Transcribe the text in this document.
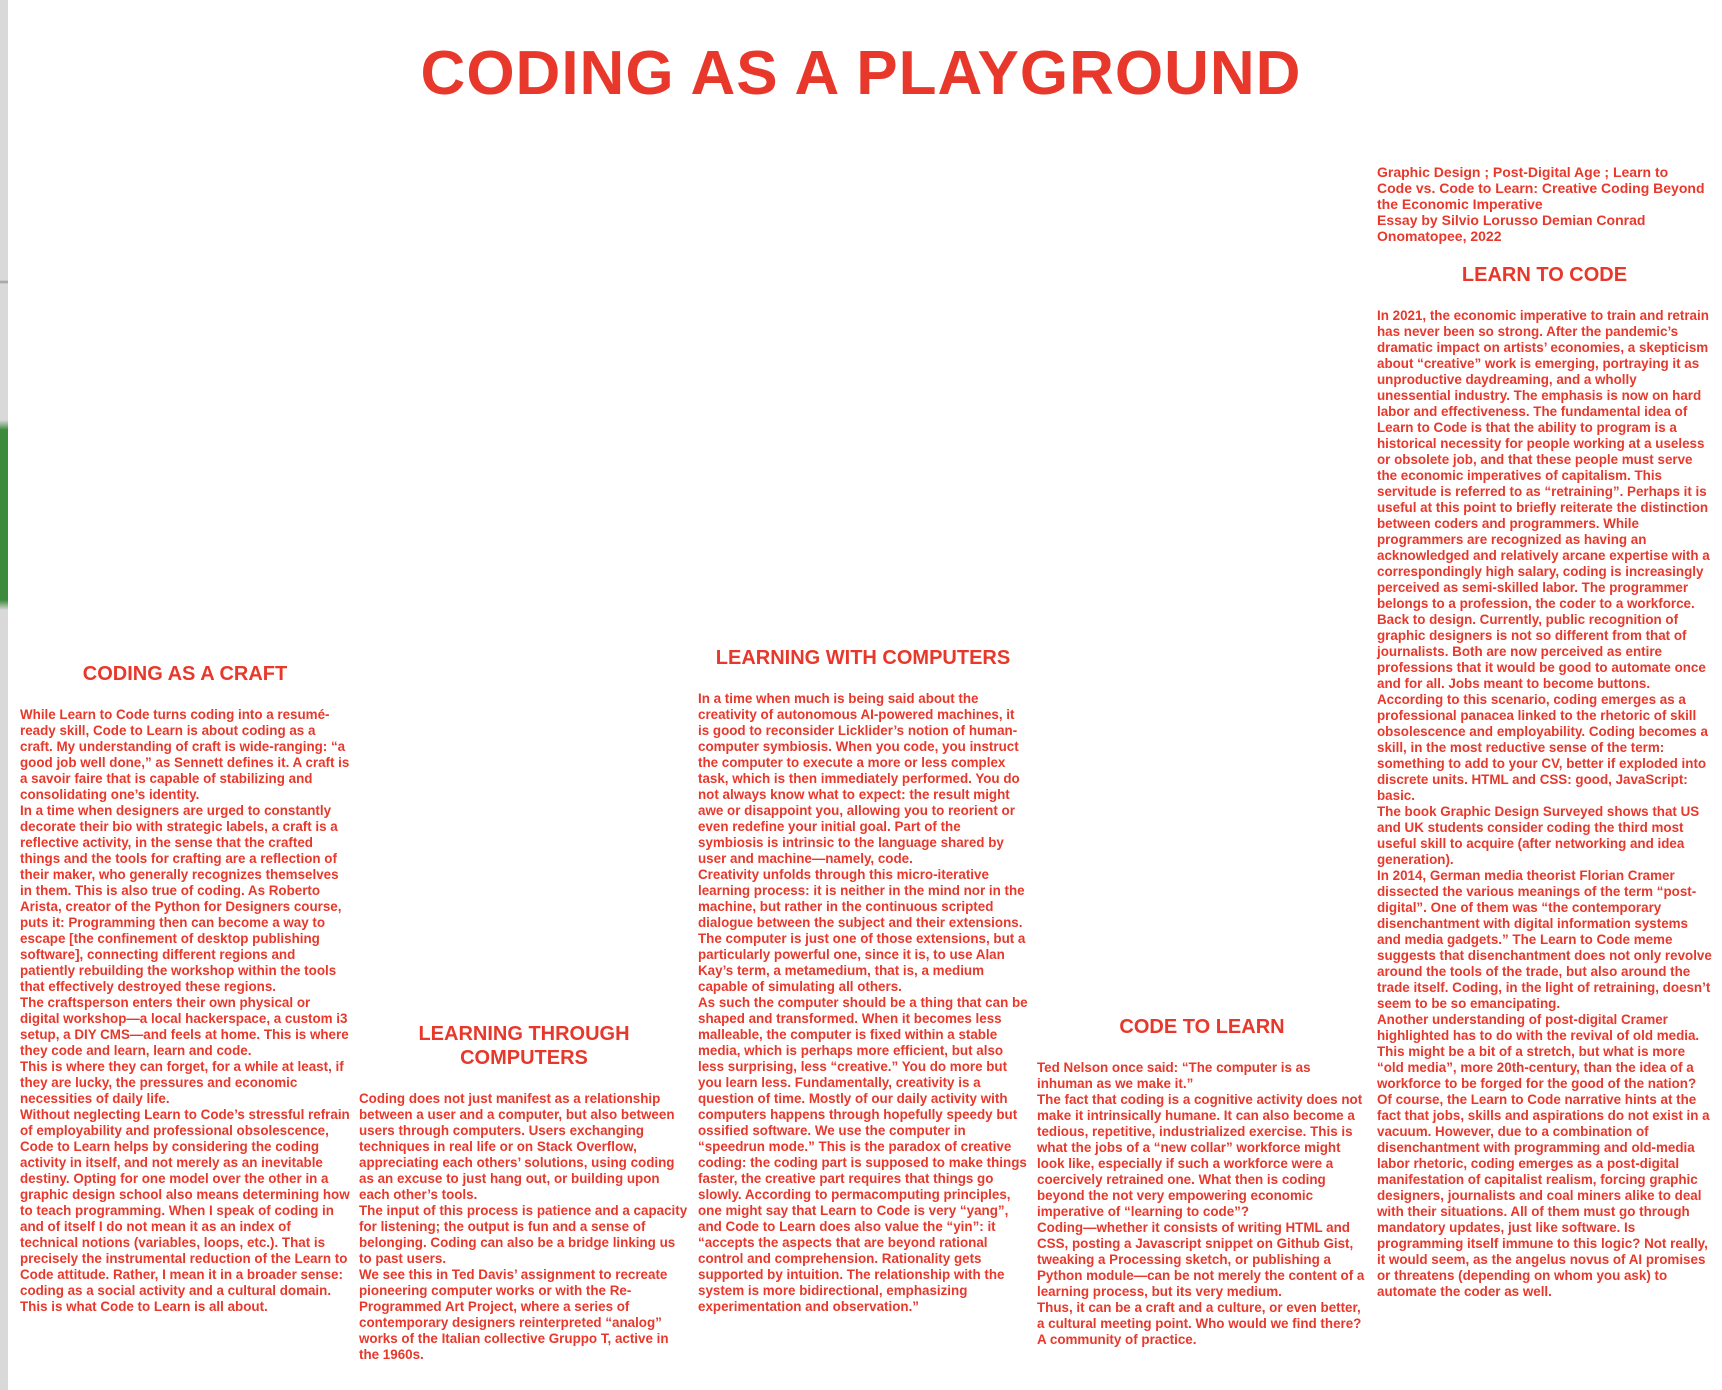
CODING AS A PLAYGROUND
Graphic Design ; Post-Digital Age ; Learn to
Code vs. Code to Learn: Creative Coding Beyond
the Economic Imperative
Essay by Silvio Lorusso Demian Conrad
Onomatopee, 2022
CODING AS A CRAFT

While Learn to Code turns coding into a resumé-ready skill, Code to Learn is about coding as a craft. My understanding of craft is wide-ranging: “a good job well done,” as Sennett defines it. A craft is a savoir faire that is capable of stabilizing and consolidating one’s identity.

In a time when designers are urged to constantly decorate their bio with strategic labels, a craft is a reflective activity, in the sense that the crafted things and the tools for crafting are a reflection of their maker, who generally recognizes themselves in them. This is also true of coding. As Roberto Arista, creator of the Python for Designers course, puts it: Programming then can become a way to escape [the confinement of desktop publishing software], connecting different regions and patiently rebuilding the workshop within the tools that effectively destroyed these regions.

The craftsperson enters their own physical or digital workshop—a local hackerspace, a custom i3 setup, a DIY CMS—and feels at home. This is where they code and learn, learn and code.

This is where they can forget, for a while at least, if they are lucky, the pressures and economic necessities of daily life.

Without neglecting Learn to Code’s stressful refrain of employability and professional obsolescence, Code to Learn helps by considering the coding activity in itself, and not merely as an inevitable destiny. Opting for one model over the other in a graphic design school also means determining how to teach programming. When I speak of coding in and of itself I do not mean it as an index of technical notions (variables, loops, etc.). That is precisely the instrumental reduction of the Learn to Code attitude. Rather, I mean it in a broader sense: coding as a social activity and a cultural domain. This is what Code to Learn is all about.

LEARNING THROUGH COMPUTERS

Coding does not just manifest as a relationship between a user and a computer, but also between users through computers. Users exchanging techniques in real life or on Stack Overflow, appreciating each others’ solutions, using coding as an excuse to just hang out, or building upon each other’s tools.

The input of this process is patience and a capacity for listening; the output is fun and a sense of belonging. Coding can also be a bridge linking us to past users.

We see this in Ted Davis’ assignment to recreate pioneering computer works or with the Re-Programmed Art Project, where a series of contemporary designers reinterpreted “analog” works of the Italian collective Gruppo T, active in the 1960s.

LEARNING WITH COMPUTERS

In a time when much is being said about the creativity of autonomous AI-powered machines, it is good to reconsider Licklider’s notion of human-computer symbiosis. When you code, you instruct the computer to execute a more or less complex task, which is then immediately performed. You do not always know what to expect: the result might awe or disappoint you, allowing you to reorient or even redefine your initial goal. Part of the symbiosis is intrinsic to the language shared by user and machine—namely, code.

Creativity unfolds through this micro-iterative learning process: it is neither in the mind nor in the machine, but rather in the continuous scripted dialogue between the subject and their extensions. The computer is just one of those extensions, but a particularly powerful one, since it is, to use Alan Kay’s term, a metamedium, that is, a medium capable of simulating all others.

As such the computer should be a thing that can be shaped and transformed. When it becomes less malleable, the computer is fixed within a stable media, which is perhaps more efficient, but also less surprising, less “creative.” You do more but you learn less. Fundamentally, creativity is a question of time. Mostly of our daily activity with computers happens through hopefully speedy but ossified software. We use the computer in “speedrun mode.” This is the paradox of creative coding: the coding part is supposed to make things faster, the creative part requires that things go slowly. According to permacomputing principles, one might say that Learn to Code is very “yang”, and Code to Learn does also value the “yin”: it “accepts the aspects that are beyond rational control and comprehension. Rationality gets supported by intuition. The relationship with the system is more bidirectional, emphasizing experimentation and observation.”

CODE TO LEARN

Ted Nelson once said: “The computer is as inhuman as we make it.”

The fact that coding is a cognitive activity does not make it intrinsically humane. It can also become a tedious, repetitive, industrialized exercise. This is what the jobs of a “new collar” workforce might look like, especially if such a workforce were a coercively retrained one. What then is coding beyond the not very empowering economic imperative of “learning to code”?

Coding—whether it consists of writing HTML and CSS, posting a Javascript snippet on Github Gist, tweaking a Processing sketch, or publishing a Python module—can be not merely the content of a learning process, but its very medium.

Thus, it can be a craft and a culture, or even better, a cultural meeting point. Who would we find there? A community of practice.

LEARN TO CODE

In 2021, the economic imperative to train and retrain has never been so strong. After the pandemic’s dramatic impact on artists’ economies, a skepticism about “creative” work is emerging, portraying it as unproductive daydreaming, and a wholly unessential industry. The emphasis is now on hard labor and effectiveness. The fundamental idea of Learn to Code is that the ability to program is a historical necessity for people working at a useless or obsolete job, and that these people must serve the economic imperatives of capitalism. This servitude is referred to as “retraining”. Perhaps it is useful at this point to briefly reiterate the distinction between coders and programmers. While programmers are recognized as having an acknowledged and relatively arcane expertise with a correspondingly high salary, coding is increasingly perceived as semi-skilled labor. The programmer belongs to a profession, the coder to a workforce.

Back to design. Currently, public recognition of graphic designers is not so different from that of journalists. Both are now perceived as entire professions that it would be good to automate once and for all. Jobs meant to become buttons. According to this scenario, coding emerges as a professional panacea linked to the rhetoric of skill obsolescence and employability. Coding becomes a skill, in the most reductive sense of the term: something to add to your CV, better if exploded into discrete units. HTML and CSS: good, JavaScript: basic.

The book Graphic Design Surveyed shows that US and UK students consider coding the third most useful skill to acquire (after networking and idea generation).

In 2014, German media theorist Florian Cramer dissected the various meanings of the term “post-digital”. One of them was “the contemporary disenchantment with digital information systems and media gadgets.” The Learn to Code meme suggests that disenchantment does not only revolve around the tools of the trade, but also around the trade itself. Coding, in the light of retraining, doesn’t seem to be so emancipating.

Another understanding of post-digital Cramer highlighted has to do with the revival of old media. This might be a bit of a stretch, but what is more “old media”, more 20th-century, than the idea of a workforce to be forged for the good of the nation? Of course, the Learn to Code narrative hints at the fact that jobs, skills and aspirations do not exist in a vacuum. However, due to a combination of disenchantment with programming and old-media labor rhetoric, coding emerges as a post-digital manifestation of capitalist realism, forcing graphic designers, journalists and coal miners alike to deal with their situations. All of them must go through mandatory updates, just like software. Is programming itself immune to this logic? Not really, it would seem, as the angelus novus of AI promises or threatens (depending on whom you ask) to automate the coder as well.
